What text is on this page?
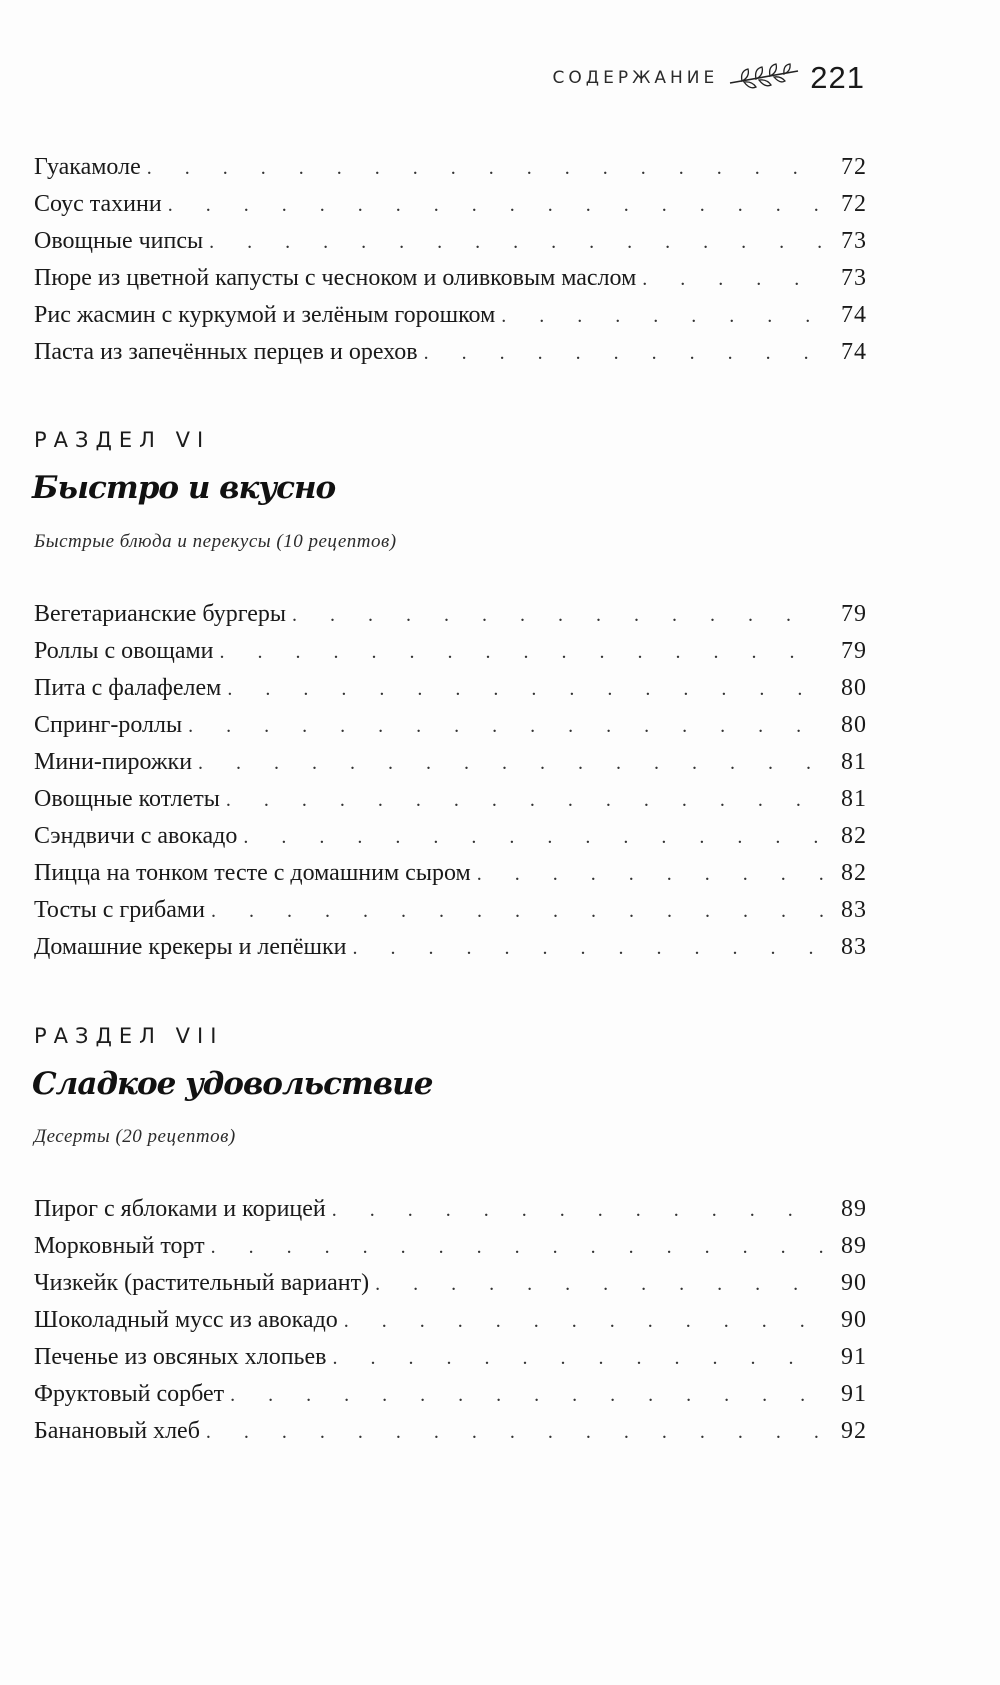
СОДЕРЖАНИЕ	221
Гуакамоле . . .	72
Соус тахини . . .	72
Овощные чипсы . . .	73
Пюре из цветной капусты с чесноком и оливковым маслом . . .	73
Рис жасмин с куркумой и зелёным горошком . . .	74
Паста из запечённых перцев и орехов . . .	74
РАЗДЕЛ VI
Быстро и вкусно
Быстрые блюда и перекусы (10 рецептов)
Вегетарианские бургеры . . .	79
Роллы с овощами . . .	79
Пита с фалафелем . . .	80
Спринг-роллы . . .	80
Мини-пирожки . . .	81
Овощные котлеты . . .	81
Сэндвичи с авокадо . . .	82
Пицца на тонком тесте с домашним сыром . . .	82
Тосты с грибами . . .	83
Домашние крекеры и лепёшки . . .	83
РАЗДЕЛ VII
Сладкое удовольствие
Десерты (20 рецептов)
Пирог с яблоками и корицей . . .	89
Морковный торт . . .	89
Чизкейк (растительный вариант) . . .	90
Шоколадный мусс из авокадо . . .	90
Печенье из овсяных хлопьев . . .	91
Фруктовый сорбет . . .	91
Банановый хлеб . . .	92
